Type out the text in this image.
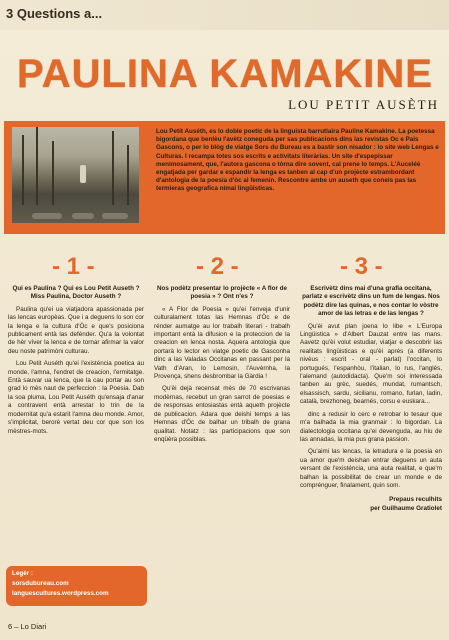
3 Questions a...
PAULINA KAMAKINE
LOU PETIT AUSÈTH
Lou Petit Auséth, es lo doble poetic de la linguista barrutlaira Pauline Kamakine. La poetessa bigordana que benlèu l'avètz coneguda per sas publicacions dins las revistas Oc e Pais Gascons, o per lo blòg de viatge Sors du Bureau es a bastir son nisador : lo site web Lengas e Culturas. I recampa totes sos escrits e activitats literàrias. Un site d'espepissar menimosament, que, l'autora gascona o tòrna dire sovent, cal prene lo temps. L'Auceléè engatjada per gardar e espandir la lenga es tanben al cap d'un projècte estrambordant d'antologia de la poesia d'òc al femenin. Rescontre ambe un auseth que coneis pas las termieras geografica nimai lingüisticas.
- 1 -	- 2 -	- 3 -
Qui es Paulina ? Qui es Lou Petit Auseth ? Miss Paulina, Doctor Auseth ?

Paulina qu'ei ua viatjadora apassionada per las lencas europèas. Que i a deguens lo son cor la lenga e la cultura d'Òc e que's posiciona publicament entà las defénder. Qu'a la volontat de hèr víver la lenca e de tornar afirmar la valor deu noste patrimòni culturau.

Lou Petit Auséth qu'ei l'existéncia poetica au monde, l'amna, l'endret de creacion, l'ermitatge. Entà sauvar ua lenca, que la cau portar au son grad lo mès naut de perfeccion : la Poesia. Dab la soa pluma, Lou Petit Auséth qu'ensaja d'anar a contravent entà arrestar lo trin de la modernitat qu'a estarit l'amna deu monde. Amor, s'implicitat, berorè vertat deu cor que son los mèstres-mots.

Nos podètz presentar lo projècte « A flor de poesia » ? Ont n'es ?

« A Flor de Poesia » qu'ei l'enveja d'unir culturalament totas las Hemnas d'Òc e de rénder aumatge au lor trabalh literari - trabalh important entà la difusion e la proteccion de la creacion en lenca nosta. Aquera antologia que portarà lo lector en viatge poetic de Gasconha dinc a las Valadas Occitanas en passant per la Vath d'Aran, lo Lemosin, l'Auvèrnha, la Provença, shens desbrombar la Gàrdia !

Qu'èi dejà recensat mès de 70 escrivanas modèrnas, recebut un gran sarrot de poesias e de responsas entosiastas entà aqueth projècte de publicacion. Adara que deishi temps a las Hemnas d'Òc de balhar un tribalh de grana qualitat. Notatz : las participacions que son enqüèra possiblas.

Escrivètz dins mai d'una grafia occitana, parlatz e escrivètz dins un fum de lengas. Nos podètz dire las quinas, e nos contar lo vòstre amor de las letras e de las lengas ?

Qu'èi avut plan joena lo libe « L'Europa Lingüistica » d'Albert Dauzat entre las mans. Aavetz qu'èi volut estudiar, viatjar e descobrir las realitats lingüisticas e qu'èi aprés (a diferents nivèus : escrit - oral - parlat) l'occitan, lo portugués, l'espanhòu, l'italian, lo rus, l'anglés, l'alemand (autodidacta). Que'm soi interessada tanben au grèc, suedés, mundat, rumantsch, elsassisch, sardu, sicilianu, romano, furlan, ladin, català, brezhoneg, bearnés, corsu e euskara...

dinc a redusir lo cerc e retrobar lo tesaur que m'a balhada la mia granmair : lo bigordan. La dialectologia occitana qu'ei devenguda, au hiu de las annadas, la mia pus grana passion.

Qu'aimi las lencas, la letradura e la poesia en ua amor que'm deishan entrar deguens un auta versant de l'existéncia, una auta realitat, e que'm balhan la possibilitat de crear un monde e de comprénguer, finalament, quin som.

Prepaus reculhits
per Guilhaume Gratiolet
Legèr :
sorsdubureau.com
languescultures.wordpress.com
6 – Lo Diari
